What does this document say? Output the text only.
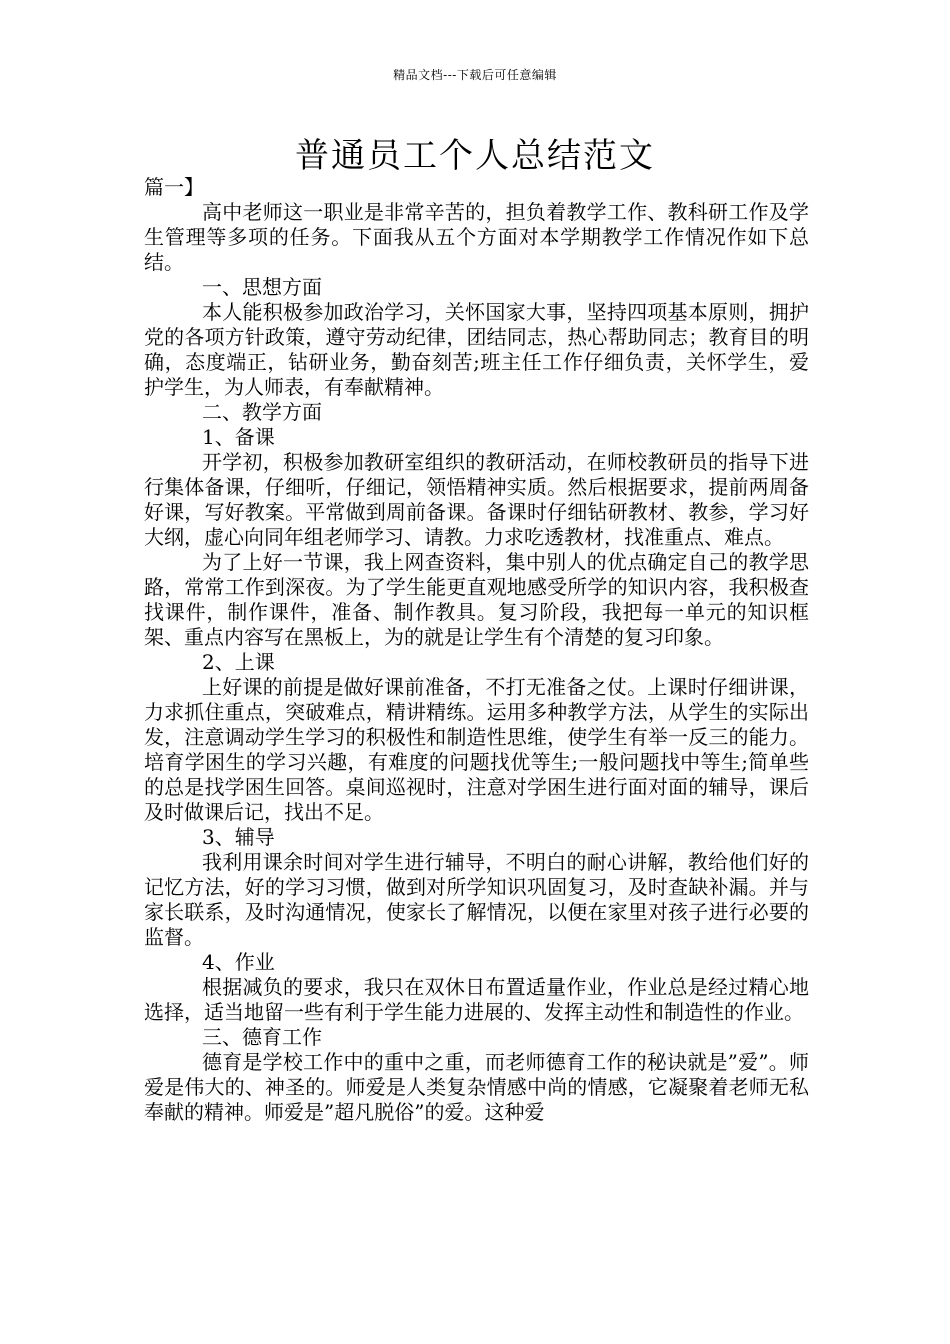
精品文档---下载后可任意编辑
普通员工个人总结范文

篇一】

高中老师这一职业是非常辛苦的，担负着教学工作、教科研工作及学生管理等多项的任务。下面我从五个方面对本学期教学工作情况作如下总结。

一、思想方面

本人能积极参加政治学习，关怀国家大事，坚持四项基本原则，拥护党的各项方针政策，遵守劳动纪律，团结同志，热心帮助同志；教育目的明确，态度端正，钻研业务，勤奋刻苦;班主任工作仔细负责，关怀学生，爱护学生，为人师表，有奉献精神。

二、教学方面

1、备课

开学初，积极参加教研室组织的教研活动，在师校教研员的指导下进行集体备课，仔细听，仔细记，领悟精神实质。然后根据要求，提前两周备好课，写好教案。平常做到周前备课。备课时仔细钻研教材、教参，学习好大纲，虚心向同年组老师学习、请教。力求吃透教材，找准重点、难点。

为了上好一节课，我上网查资料，集中别人的优点确定自己的教学思路，常常工作到深夜。为了学生能更直观地感受所学的知识内容，我积极查找课件，制作课件，准备、制作教具。复习阶段，我把每一单元的知识框架、重点内容写在黑板上，为的就是让学生有个清楚的复习印象。

2、上课

上好课的前提是做好课前准备，不打无准备之仗。上课时仔细讲课，力求抓住重点，突破难点，精讲精练。运用多种教学方法，从学生的实际出发，注意调动学生学习的积极性和制造性思维，使学生有举一反三的能力。培育学困生的学习兴趣，有难度的问题找优等生;一般问题找中等生;简单些的总是找学困生回答。桌间巡视时，注意对学困生进行面对面的辅导，课后及时做课后记，找出不足。

3、辅导

我利用课余时间对学生进行辅导，不明白的耐心讲解，教给他们好的记忆方法，好的学习习惯，做到对所学知识巩固复习，及时查缺补漏。并与家长联系，及时沟通情况，使家长了解情况，以便在家里对孩子进行必要的监督。

4、作业

根据减负的要求，我只在双休日布置适量作业，作业总是经过精心地选择，适当地留一些有利于学生能力进展的、发挥主动性和制造性的作业。

三、德育工作

德育是学校工作中的重中之重，而老师德育工作的秘诀就是”爱”。师爱是伟大的、神圣的。师爱是人类复杂情感中尚的情感，它凝聚着老师无私奉献的精神。师爱是”超凡脱俗”的爱。这种爱
